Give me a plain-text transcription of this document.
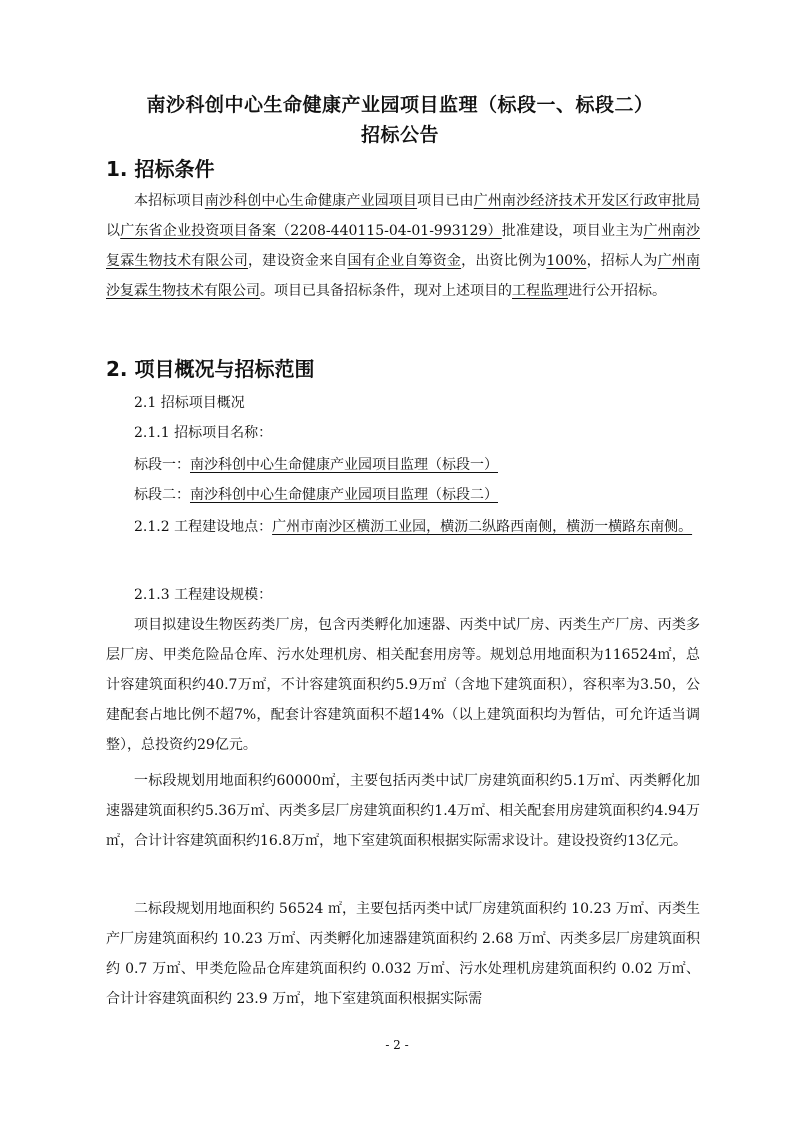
南沙科创中心生命健康产业园项目监理（标段一、标段二）
招标公告
1. 招标条件
本招标项目南沙科创中心生命健康产业园项目项目已由广州南沙经济技术开发区行政审批局以广东省企业投资项目备案（2208-440115-04-01-993129）批准建设，项目业主为广州南沙复霖生物技术有限公司，建设资金来自国有企业自筹资金，出资比例为100%，招标人为广州南沙复霖生物技术有限公司。项目已具备招标条件，现对上述项目的工程监理进行公开招标。
2. 项目概况与招标范围
2.1 招标项目概况
2.1.1 招标项目名称：
标段一：南沙科创中心生命健康产业园项目监理（标段一）
标段二：南沙科创中心生命健康产业园项目监理（标段二）
2.1.2 工程建设地点：广州市南沙区横沥工业园，横沥二纵路西南侧，横沥一横路东南侧。
2.1.3 工程建设规模：
项目拟建设生物医药类厂房，包含丙类孵化加速器、丙类中试厂房、丙类生产厂房、丙类多层厂房、甲类危险品仓库、污水处理机房、相关配套用房等。规划总用地面积为116524㎡，总计容建筑面积约40.7万㎡，不计容建筑面积约5.9万㎡（含地下建筑面积），容积率为3.50，公建配套占地比例不超7%，配套计容建筑面积不超14%（以上建筑面积均为暂估，可允许适当调整），总投资约29亿元。
一标段规划用地面积约60000㎡，主要包括丙类中试厂房建筑面积约5.1万㎡、丙类孵化加速器建筑面积约5.36万㎡、丙类多层厂房建筑面积约1.4万㎡、相关配套用房建筑面积约4.94万㎡，合计计容建筑面积约16.8万㎡，地下室建筑面积根据实际需求设计。建设投资约13亿元。
二标段规划用地面积约 56524 ㎡，主要包括丙类中试厂房建筑面积约 10.23 万㎡、丙类生产厂房建筑面积约 10.23 万㎡、丙类孵化加速器建筑面积约 2.68 万㎡、丙类多层厂房建筑面积约 0.7 万㎡、甲类危险品仓库建筑面积约 0.032 万㎡、污水处理机房建筑面积约 0.02 万㎡、合计计容建筑面积约 23.9 万㎡，地下室建筑面积根据实际需
- 2 -
